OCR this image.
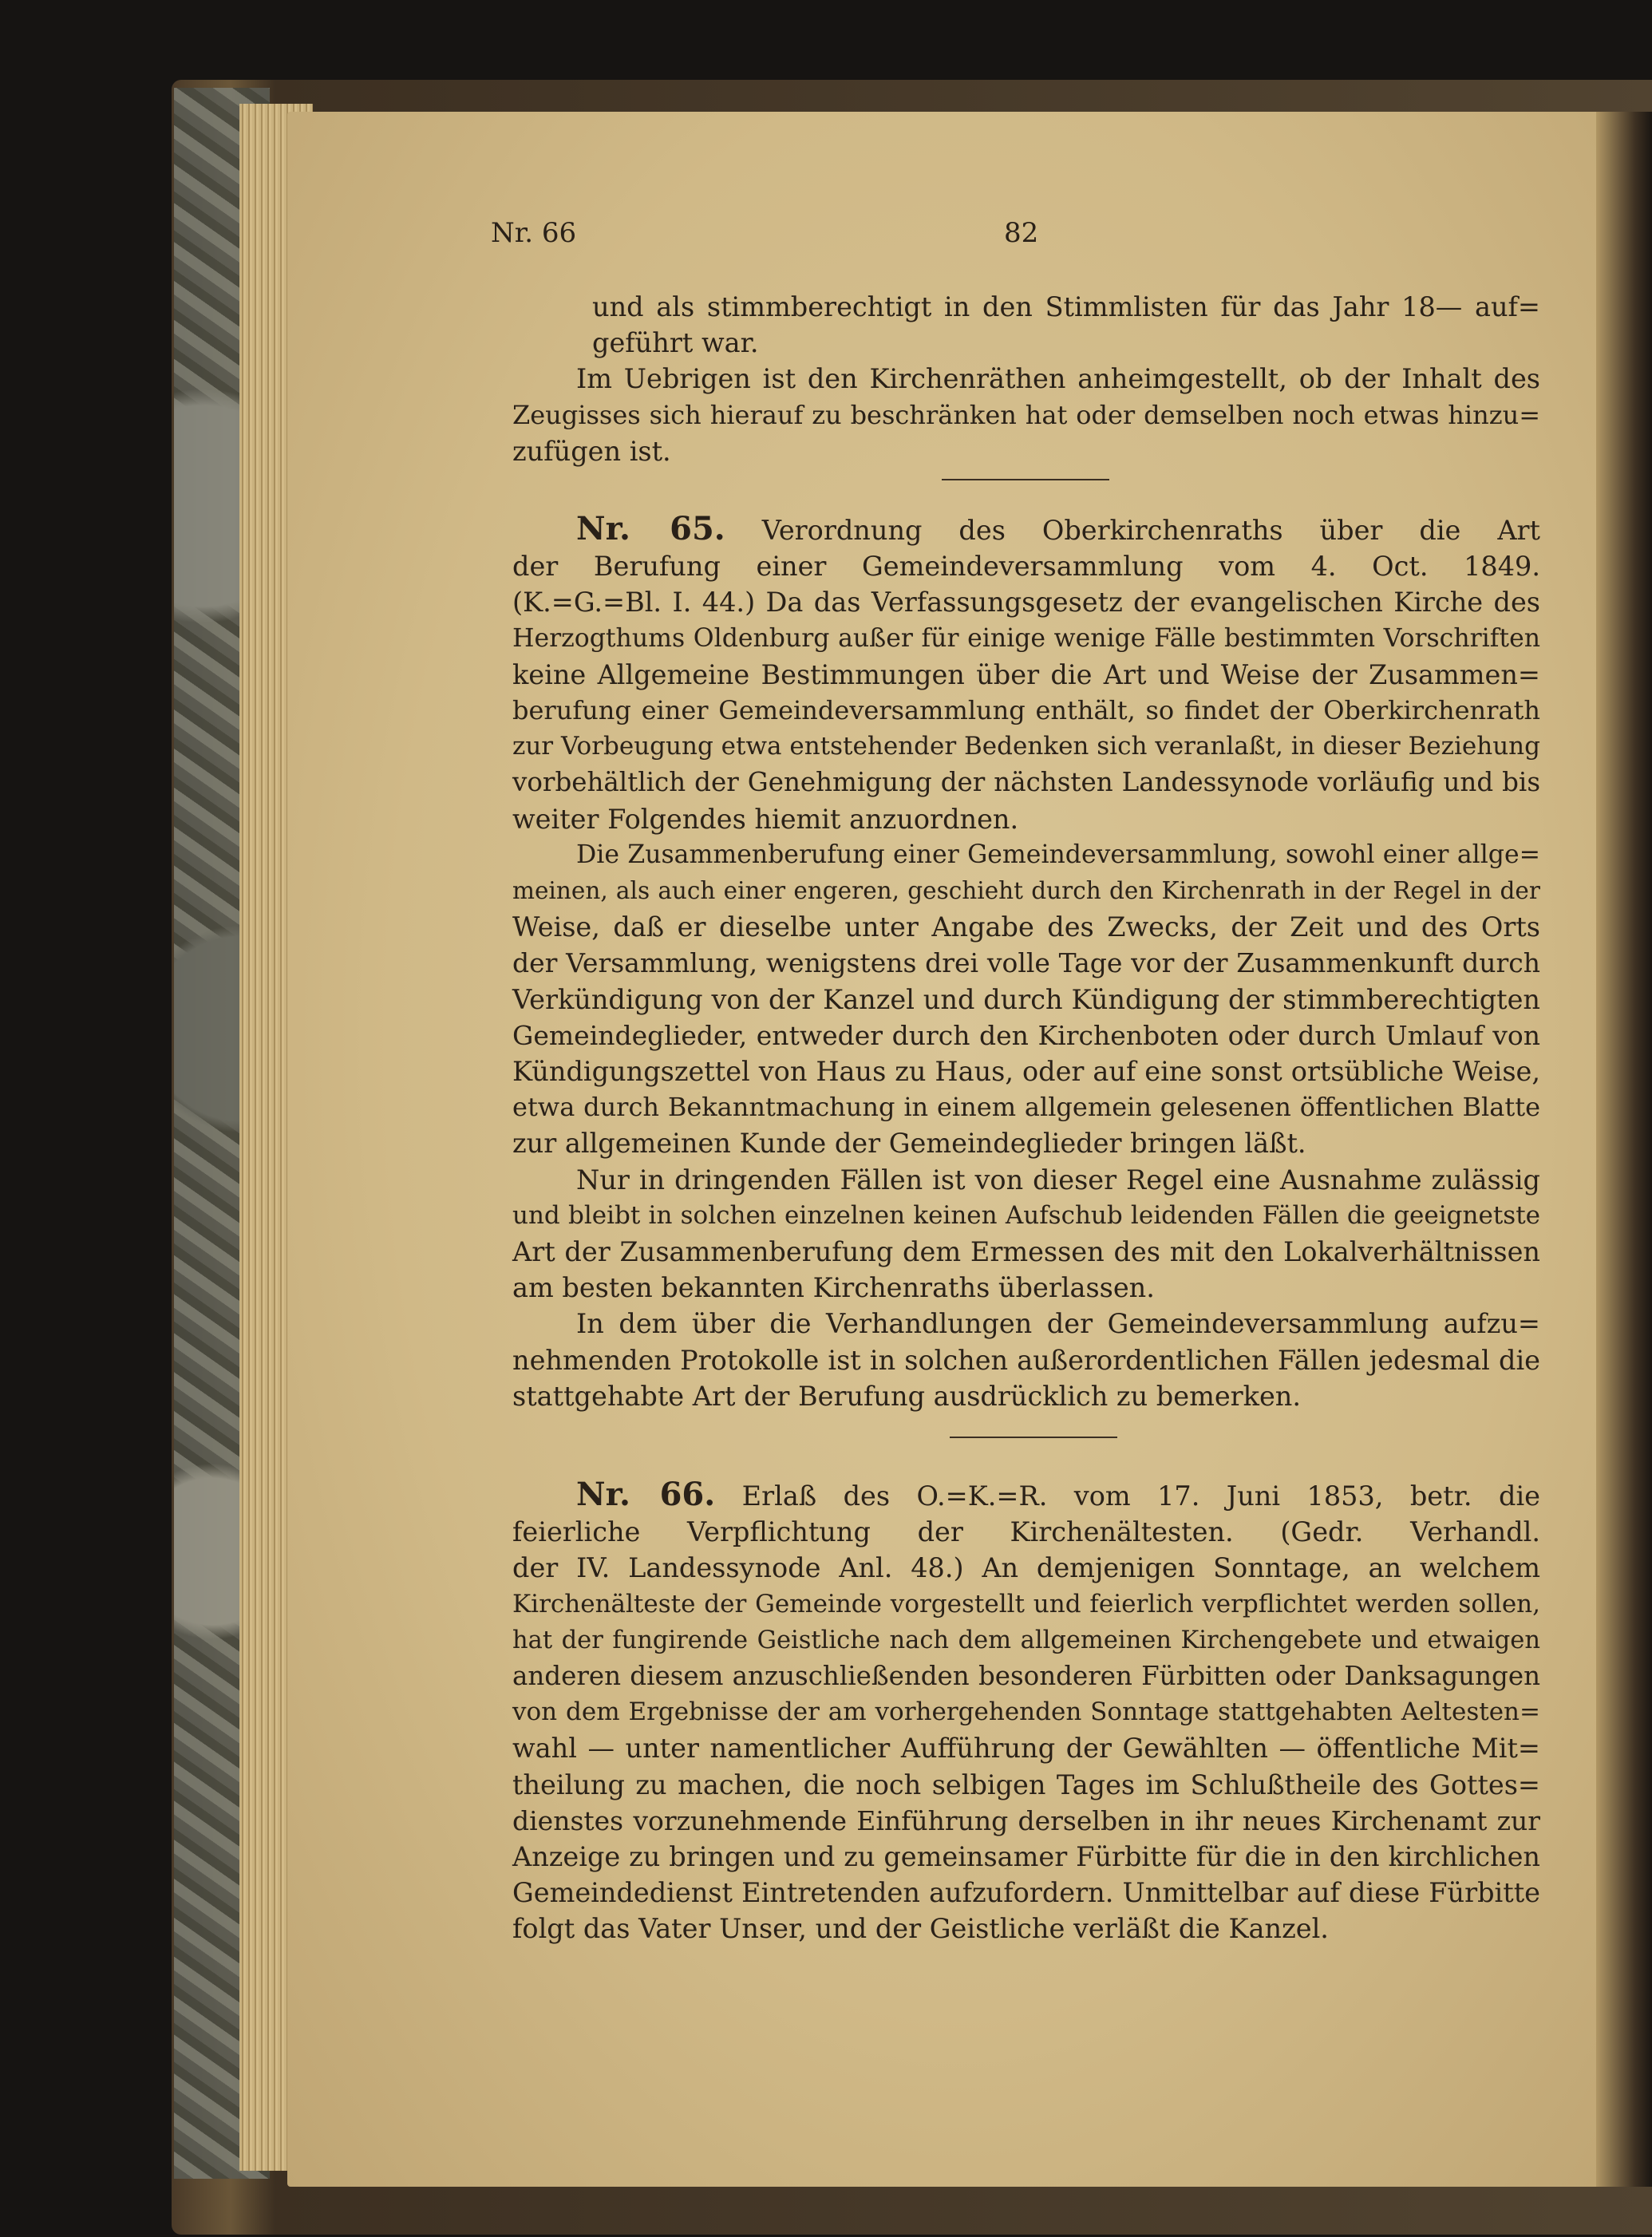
Nr. 66	82
und als stimmberechtigt in den Stimmlisten für das Jahr 18— auf=
geführt war.
Im Uebrigen ist den Kirchenräthen anheimgestellt, ob der Inhalt des
Zeugisses sich hierauf zu beschränken hat oder demselben noch etwas hinzu=
zufügen ist.
Nr. 65. Verordnung des Oberkirchenraths über die Art
der Berufung einer Gemeindeversammlung vom 4. Oct. 1849.
(K.=G.=Bl. I. 44.) Da das Verfassungsgesetz der evangelischen Kirche des
Herzogthums Oldenburg außer für einige wenige Fälle bestimmten Vorschriften
keine Allgemeine Bestimmungen über die Art und Weise der Zusammen=
berufung einer Gemeindeversammlung enthält, so findet der Oberkirchenrath
zur Vorbeugung etwa entstehender Bedenken sich veranlaßt, in dieser Beziehung
vorbehältlich der Genehmigung der nächsten Landessynode vorläufig und bis
weiter Folgendes hiemit anzuordnen.
Die Zusammenberufung einer Gemeindeversammlung, sowohl einer allge=
meinen, als auch einer engeren, geschieht durch den Kirchenrath in der Regel in der
Weise, daß er dieselbe unter Angabe des Zwecks, der Zeit und des Orts
der Versammlung, wenigstens drei volle Tage vor der Zusammenkunft durch
Verkündigung von der Kanzel und durch Kündigung der stimmberechtigten
Gemeindeglieder, entweder durch den Kirchenboten oder durch Umlauf von
Kündigungszettel von Haus zu Haus, oder auf eine sonst ortsübliche Weise,
etwa durch Bekanntmachung in einem allgemein gelesenen öffentlichen Blatte
zur allgemeinen Kunde der Gemeindeglieder bringen läßt.
Nur in dringenden Fällen ist von dieser Regel eine Ausnahme zulässig
und bleibt in solchen einzelnen keinen Aufschub leidenden Fällen die geeignetste
Art der Zusammenberufung dem Ermessen des mit den Lokalverhältnissen
am besten bekannten Kirchenraths überlassen.
In dem über die Verhandlungen der Gemeindeversammlung aufzu=
nehmenden Protokolle ist in solchen außerordentlichen Fällen jedesmal die
stattgehabte Art der Berufung ausdrücklich zu bemerken.
Nr. 66. Erlaß des O.=K.=R. vom 17. Juni 1853, betr. die
feierliche Verpflichtung der Kirchenältesten. (Gedr. Verhandl.
der IV. Landessynode Anl. 48.) An demjenigen Sonntage, an welchem
Kirchenälteste der Gemeinde vorgestellt und feierlich verpflichtet werden sollen,
hat der fungirende Geistliche nach dem allgemeinen Kirchengebete und etwaigen
anderen diesem anzuschließenden besonderen Fürbitten oder Danksagungen
von dem Ergebnisse der am vorhergehenden Sonntage stattgehabten Aeltesten=
wahl — unter namentlicher Aufführung der Gewählten — öffentliche Mit=
theilung zu machen, die noch selbigen Tages im Schlußtheile des Gottes=
dienstes vorzunehmende Einführung derselben in ihr neues Kirchenamt zur
Anzeige zu bringen und zu gemeinsamer Fürbitte für die in den kirchlichen
Gemeindedienst Eintretenden aufzufordern. Unmittelbar auf diese Fürbitte
folgt das Vater Unser, und der Geistliche verläßt die Kanzel.
